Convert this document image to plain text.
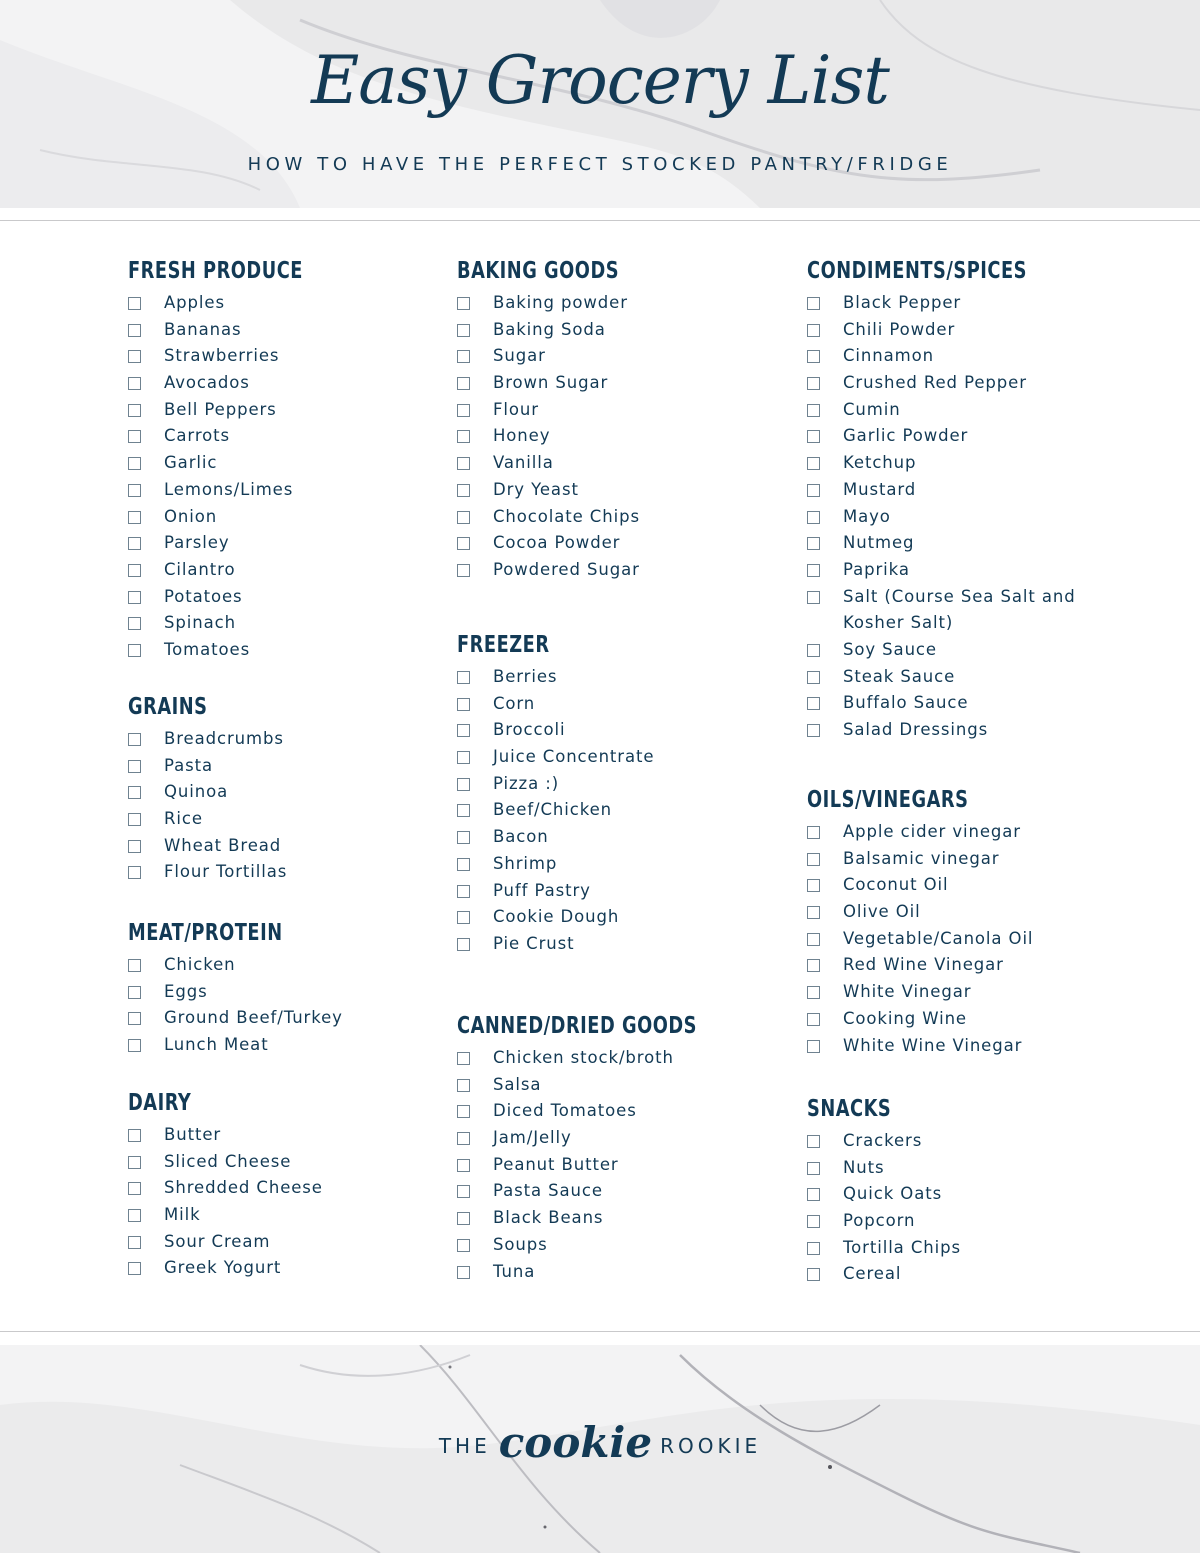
Easy Grocery List
HOW TO HAVE THE PERFECT STOCKED PANTRY/FRIDGE
FRESH PRODUCE
Apples
Bananas
Strawberries
Avocados
Bell Peppers
Carrots
Garlic
Lemons/Limes
Onion
Parsley
Cilantro
Potatoes
Spinach
Tomatoes
GRAINS
Breadcrumbs
Pasta
Quinoa
Rice
Wheat Bread
Flour Tortillas
MEAT/PROTEIN
Chicken
Eggs
Ground Beef/Turkey
Lunch Meat
DAIRY
Butter
Sliced Cheese
Shredded Cheese
Milk
Sour Cream
Greek Yogurt
BAKING GOODS
Baking powder
Baking Soda
Sugar
Brown Sugar
Flour
Honey
Vanilla
Dry Yeast
Chocolate Chips
Cocoa Powder
Powdered Sugar
FREEZER
Berries
Corn
Broccoli
Juice Concentrate
Pizza :)
Beef/Chicken
Bacon
Shrimp
Puff Pastry
Cookie Dough
Pie Crust
CANNED/DRIED GOODS
Chicken stock/broth
Salsa
Diced Tomatoes
Jam/Jelly
Peanut Butter
Pasta Sauce
Black Beans
Soups
Tuna
CONDIMENTS/SPICES
Black Pepper
Chili Powder
Cinnamon
Crushed Red Pepper
Cumin
Garlic Powder
Ketchup
Mustard
Mayo
Nutmeg
Paprika
Salt (Course Sea Salt and Kosher Salt)
Soy Sauce
Steak Sauce
Buffalo Sauce
Salad Dressings
OILS/VINEGARS
Apple cider vinegar
Balsamic vinegar
Coconut Oil
Olive Oil
Vegetable/Canola Oil
Red Wine Vinegar
White Vinegar
Cooking Wine
White Wine Vinegar
SNACKS
Crackers
Nuts
Quick Oats
Popcorn
Tortilla Chips
Cereal
THE cookie ROOKIE
